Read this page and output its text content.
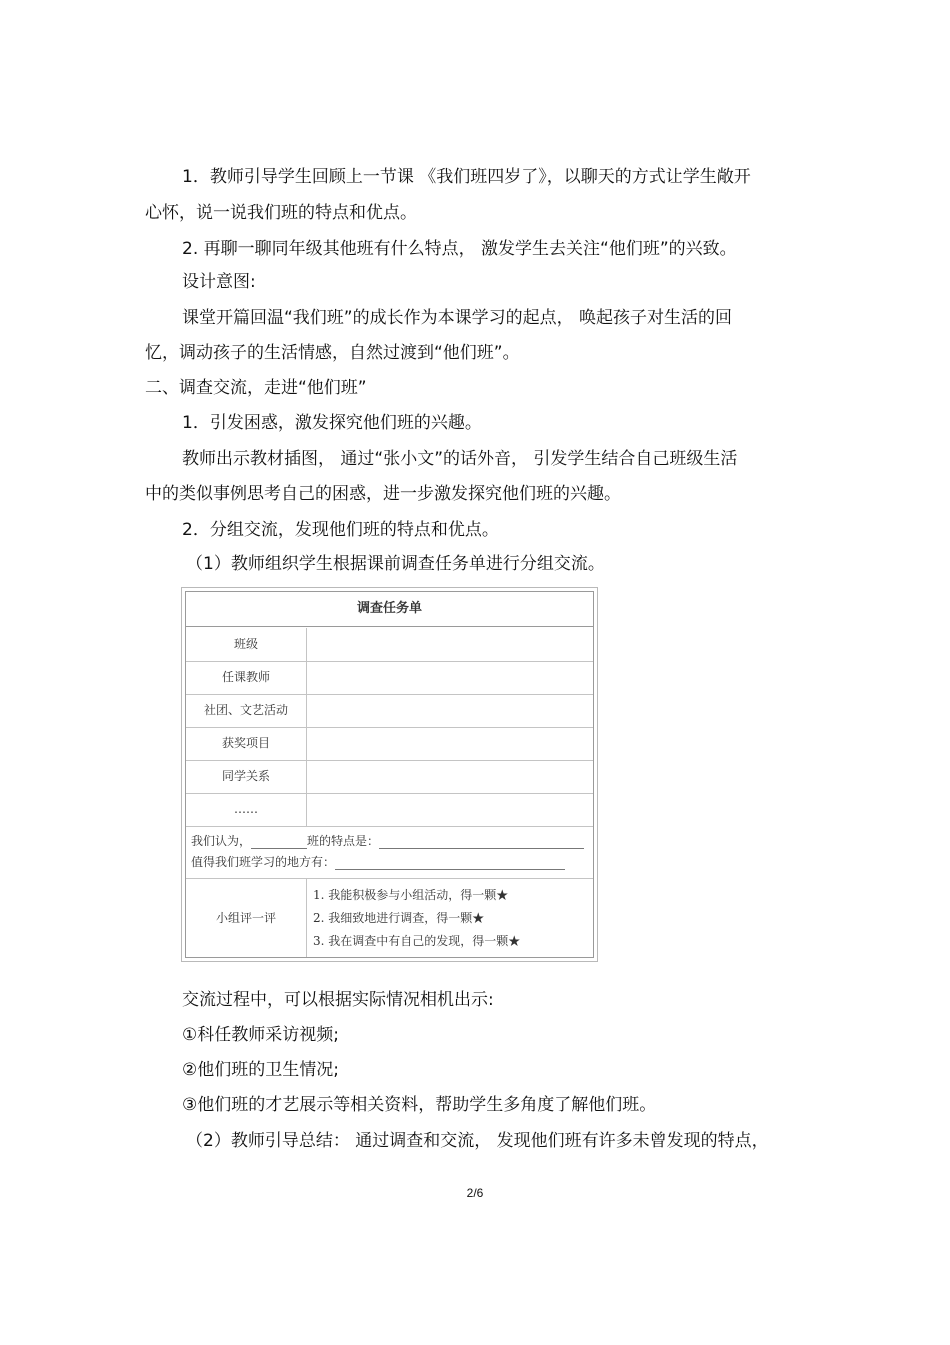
1．教师引导学生回顾上一节课 《我们班四岁了》，以聊天的方式让学生敞开
心怀，说一说我们班的特点和优点。
2. 再聊一聊同年级其他班有什么特点， 激发学生去关注“他们班”的兴致。
设计意图:
课堂开篇回温“我们班”的成长作为本课学习的起点， 唤起孩子对生活的回
忆，调动孩子的生活情感，自然过渡到“他们班”。
二、调查交流，走进“他们班”
1．引发困惑，激发探究他们班的兴趣。
教师出示教材插图， 通过“张小文”的话外音， 引发学生结合自己班级生活
中的类似事例思考自己的困惑，进一步激发探究他们班的兴趣。
2．分组交流，发现他们班的特点和优点。
（1）教师组织学生根据课前调查任务单进行分组交流。
调查任务单
班级
任课教师
社团、文艺活动
获奖项目
同学关系
……
我们认为，	班的特点是：
值得我们班学习的地方有：
小组评一评
1. 我能积极参与小组活动，得一颗★
2. 我细致地进行调查，得一颗★
3. 我在调查中有自己的发现，得一颗★
交流过程中，可以根据实际情况相机出示:
①科任教师采访视频;
②他们班的卫生情况;
③他们班的才艺展示等相关资料，帮助学生多角度了解他们班。
（2）教师引导总结： 通过调查和交流， 发现他们班有许多未曾发现的特点，
2/6
